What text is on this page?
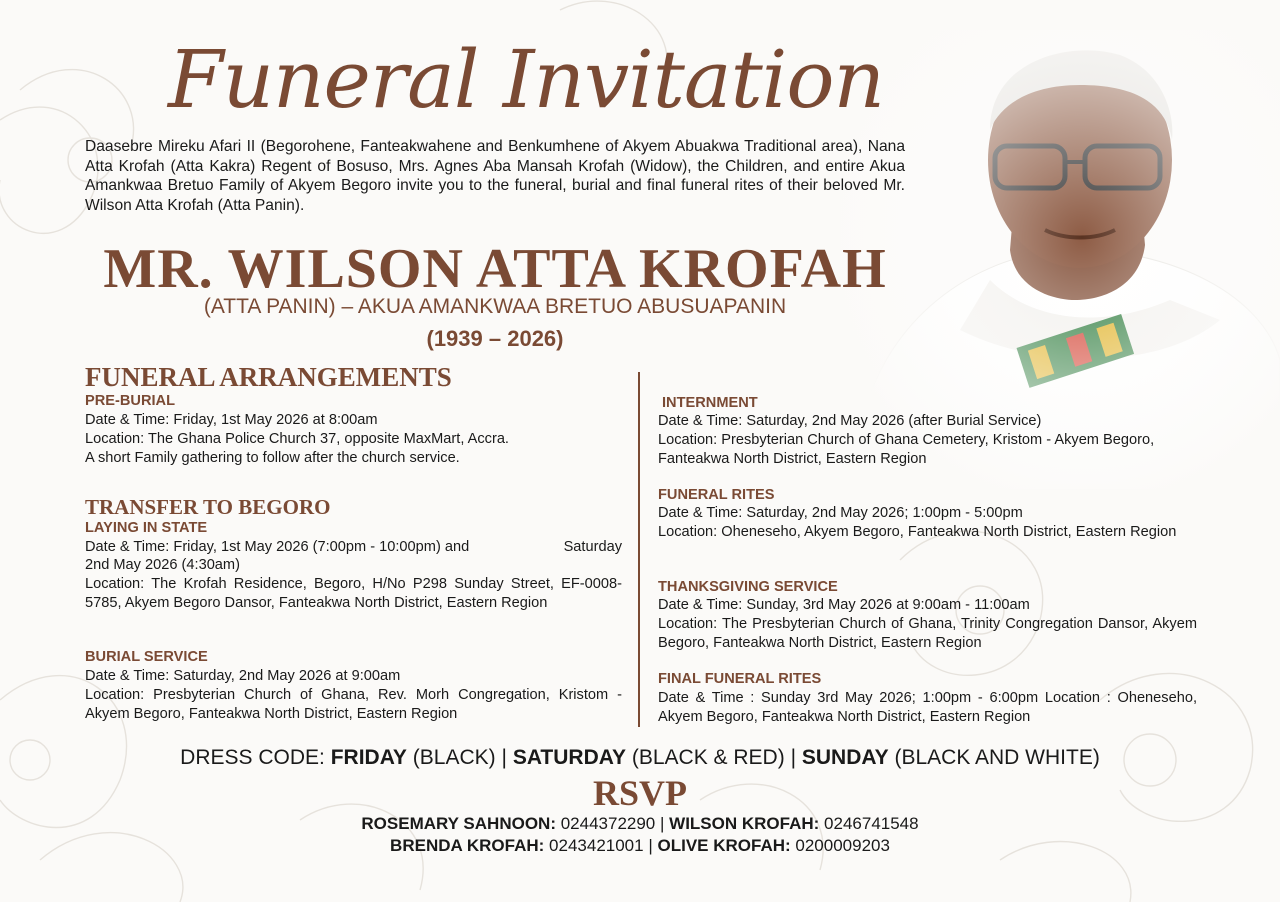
Funeral Invitation

Daasebre Mireku Afari II (Begorohene, Fanteakwahene and Benkumhene of Akyem Abuakwa Traditional area), Nana Atta Krofah (Atta Kakra) Regent of Bosuso, Mrs. Agnes Aba Mansah Krofah (Widow), the Children, and entire Akua Amankwaa Bretuo Family of Akyem Begoro invite you to the funeral, burial and final funeral rites of their beloved Mr. Wilson Atta Krofah (Atta Panin).

MR. WILSON ATTA KROFAH
(ATTA PANIN) – AKUA AMANKWAA BRETUO ABUSUAPANIN
(1939 – 2026)
FUNERAL ARRANGEMENTS
PRE-BURIAL
Date & Time: Friday, 1st May 2026 at 8:00am
Location: The Ghana Police Church 37, opposite MaxMart, Accra.
A short Family gathering to follow after the church service.
TRANSFER TO BEGORO
LAYING IN STATE
Date & Time: Friday, 1st May 2026 (7:00pm - 10:00pm) and	Saturday
2nd May 2026 (4:30am)
Location: The Krofah Residence, Begoro, H/No P298 Sunday Street, EF-0008-5785, Akyem Begoro Dansor, Fanteakwa North District, Eastern Region
BURIAL SERVICE
Date & Time: Saturday, 2nd May 2026 at 9:00am
Location: Presbyterian Church of Ghana, Rev. Morh Congregation, Kristom - Akyem Begoro, Fanteakwa North District, Eastern Region
INTERNMENT
Date & Time: Saturday, 2nd May 2026 (after Burial Service)
Location: Presbyterian Church of Ghana Cemetery, Kristom - Akyem Begoro, Fanteakwa North District, Eastern Region
FUNERAL RITES
Date & Time: Saturday, 2nd May 2026; 1:00pm - 5:00pm
Location: Oheneseho, Akyem Begoro, Fanteakwa North District, Eastern Region
THANKSGIVING SERVICE
Date & Time: Sunday, 3rd May 2026 at 9:00am - 11:00am
Location: The Presbyterian Church of Ghana, Trinity Congregation Dansor, Akyem Begoro, Fanteakwa North District, Eastern Region
FINAL FUNERAL RITES
Date & Time : Sunday 3rd May 2026; 1:00pm - 6:00pm Location : Oheneseho, Akyem Begoro, Fanteakwa North District, Eastern Region
DRESS CODE: FRIDAY (BLACK) | SATURDAY (BLACK & RED) | SUNDAY (BLACK AND WHITE)
RSVP
ROSEMARY SAHNOON: 0244372290 | WILSON KROFAH: 0246741548
BRENDA KROFAH: 0243421001 | OLIVE KROFAH: 0200009203
